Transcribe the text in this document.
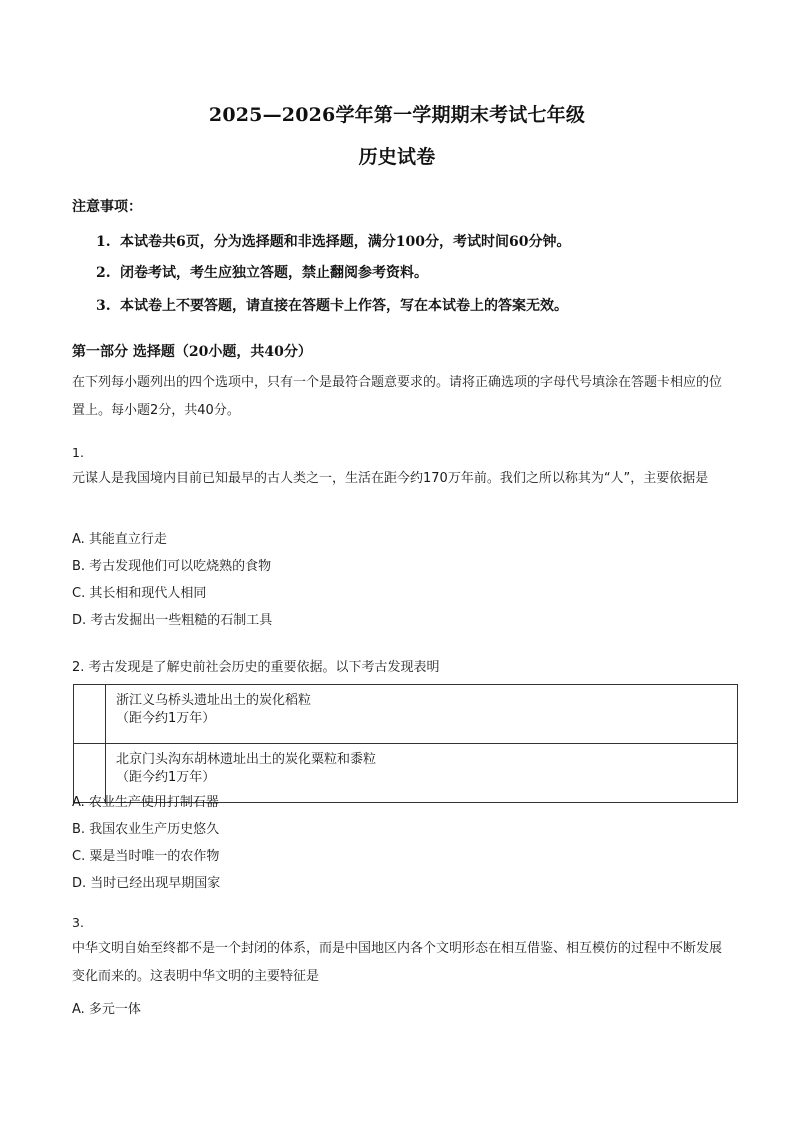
2025—2026学年第一学期期末考试七年级
历史试卷
注意事项：
1. 本试卷共6页，分为选择题和非选择题，满分100分，考试时间60分钟。
2. 闭卷考试，考生应独立答题，禁止翻阅参考资料。
3. 本试卷上不要答题，请直接在答题卡上作答，写在本试卷上的答案无效。
第一部分 选择题（20小题，共40分）
在下列每小题列出的四个选项中，只有一个是最符合题意要求的。请将正确选项的字母代号填涂在答题卡相应的位置上。每小题2分，共40分。
1.
元谋人是我国境内目前已知最早的古人类之一，生活在距今约170万年前。我们之所以称其为“人”，主要依据是
A. 其能直立行走
B. 考古发现他们可以吃烧熟的食物
C. 其长相和现代人相同
D. 考古发掘出一些粗糙的石制工具
2. 考古发现是了解史前社会历史的重要依据。以下考古发现表明

	浙江义乌桥头遗址出土的炭化稻粒
（距今约1万年）

	北京门头沟东胡林遗址出土的炭化粟粒和黍粒
（距今约1万年）
A. 农业生产使用打制石器
B. 我国农业生产历史悠久
C. 粟是当时唯一的农作物
D. 当时已经出现早期国家
3.
中华文明自始至终都不是一个封闭的体系，而是中国地区内各个文明形态在相互借鉴、相互模仿的过程中不断发展变化而来的。这表明中华文明的主要特征是
A. 多元一体
